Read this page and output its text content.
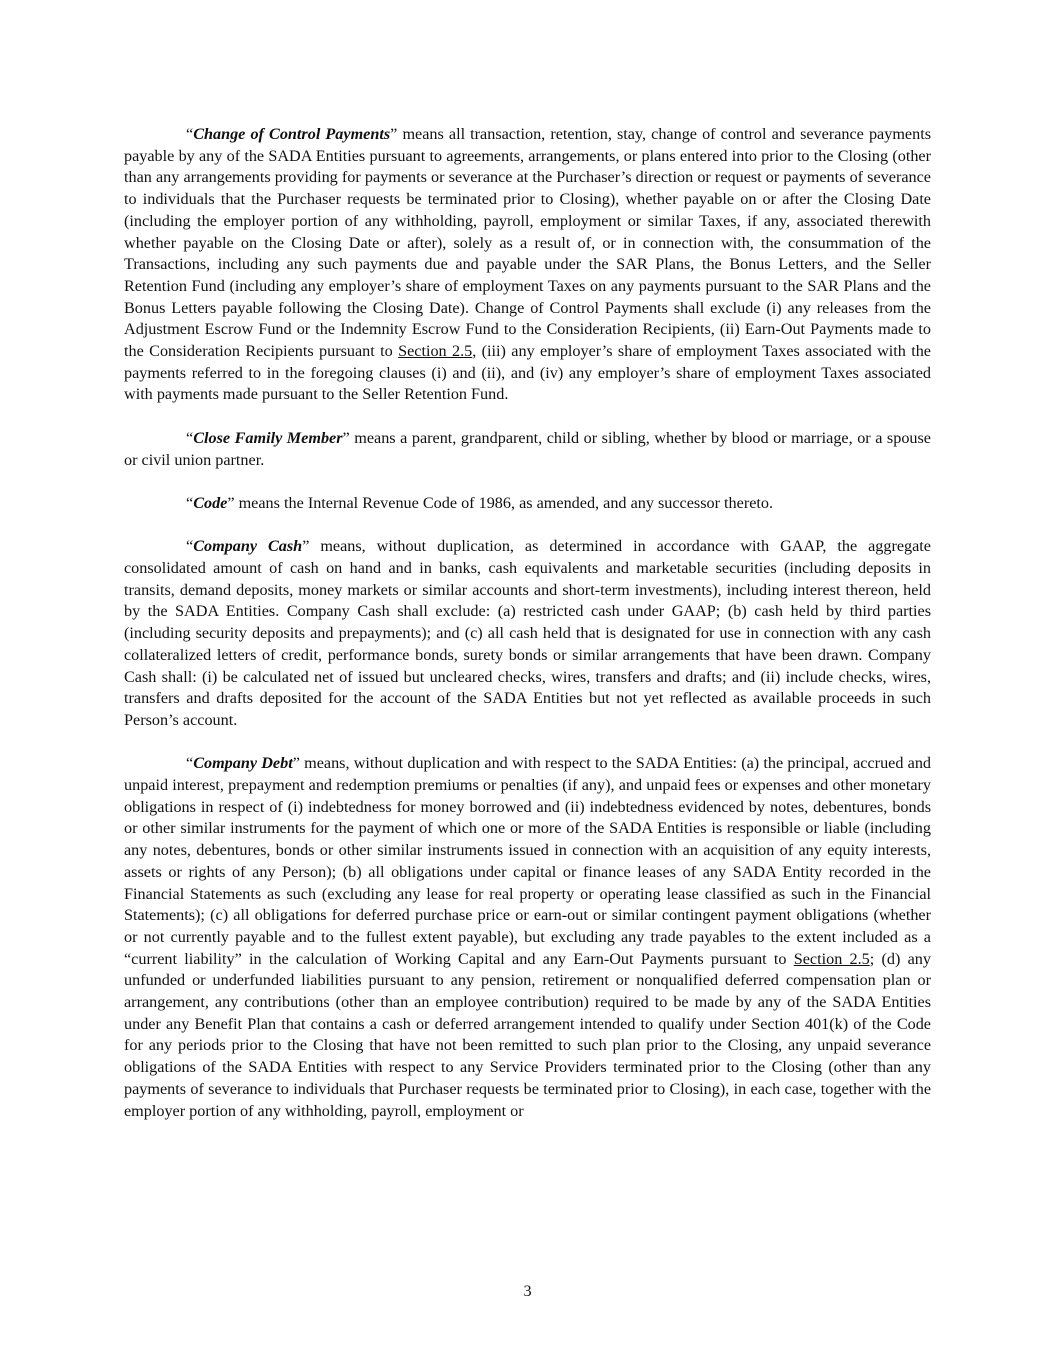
“Change of Control Payments” means all transaction, retention, stay, change of control and severance payments payable by any of the SADA Entities pursuant to agreements, arrangements, or plans entered into prior to the Closing (other than any arrangements providing for payments or severance at the Purchaser’s direction or request or payments of severance to individuals that the Purchaser requests be terminated prior to Closing), whether payable on or after the Closing Date (including the employer portion of any withholding, payroll, employment or similar Taxes, if any, associated therewith whether payable on the Closing Date or after), solely as a result of, or in connection with, the consummation of the Transactions, including any such payments due and payable under the SAR Plans, the Bonus Letters, and the Seller Retention Fund (including any employer’s share of employment Taxes on any payments pursuant to the SAR Plans and the Bonus Letters payable following the Closing Date). Change of Control Payments shall exclude (i) any releases from the Adjustment Escrow Fund or the Indemnity Escrow Fund to the Consideration Recipients, (ii) Earn-Out Payments made to the Consideration Recipients pursuant to Section 2.5, (iii) any employer’s share of employment Taxes associated with the payments referred to in the foregoing clauses (i) and (ii), and (iv) any employer’s share of employment Taxes associated with payments made pursuant to the Seller Retention Fund.

“Close Family Member” means a parent, grandparent, child or sibling, whether by blood or marriage, or a spouse or civil union partner.

“Code” means the Internal Revenue Code of 1986, as amended, and any successor thereto.

“Company Cash” means, without duplication, as determined in accordance with GAAP, the aggregate consolidated amount of cash on hand and in banks, cash equivalents and marketable securities (including deposits in transits, demand deposits, money markets or similar accounts and short-term investments), including interest thereon, held by the SADA Entities. Company Cash shall exclude: (a) restricted cash under GAAP; (b) cash held by third parties (including security deposits and prepayments); and (c) all cash held that is designated for use in connection with any cash collateralized letters of credit, performance bonds, surety bonds or similar arrangements that have been drawn. Company Cash shall: (i) be calculated net of issued but uncleared checks, wires, transfers and drafts; and (ii) include checks, wires, transfers and drafts deposited for the account of the SADA Entities but not yet reflected as available proceeds in such Person’s account.

“Company Debt” means, without duplication and with respect to the SADA Entities: (a) the principal, accrued and unpaid interest, prepayment and redemption premiums or penalties (if any), and unpaid fees or expenses and other monetary obligations in respect of (i) indebtedness for money borrowed and (ii) indebtedness evidenced by notes, debentures, bonds or other similar instruments for the payment of which one or more of the SADA Entities is responsible or liable (including any notes, debentures, bonds or other similar instruments issued in connection with an acquisition of any equity interests, assets or rights of any Person); (b) all obligations under capital or finance leases of any SADA Entity recorded in the Financial Statements as such (excluding any lease for real property or operating lease classified as such in the Financial Statements); (c) all obligations for deferred purchase price or earn-out or similar contingent payment obligations (whether or not currently payable and to the fullest extent payable), but excluding any trade payables to the extent included as a “current liability” in the calculation of Working Capital and any Earn-Out Payments pursuant to Section 2.5; (d) any unfunded or underfunded liabilities pursuant to any pension, retirement or nonqualified deferred compensation plan or arrangement, any contributions (other than an employee contribution) required to be made by any of the SADA Entities under any Benefit Plan that contains a cash or deferred arrangement intended to qualify under Section 401(k) of the Code for any periods prior to the Closing that have not been remitted to such plan prior to the Closing, any unpaid severance obligations of the SADA Entities with respect to any Service Providers terminated prior to the Closing (other than any payments of severance to individuals that Purchaser requests be terminated prior to Closing), in each case, together with the employer portion of any withholding, payroll, employment or

3
